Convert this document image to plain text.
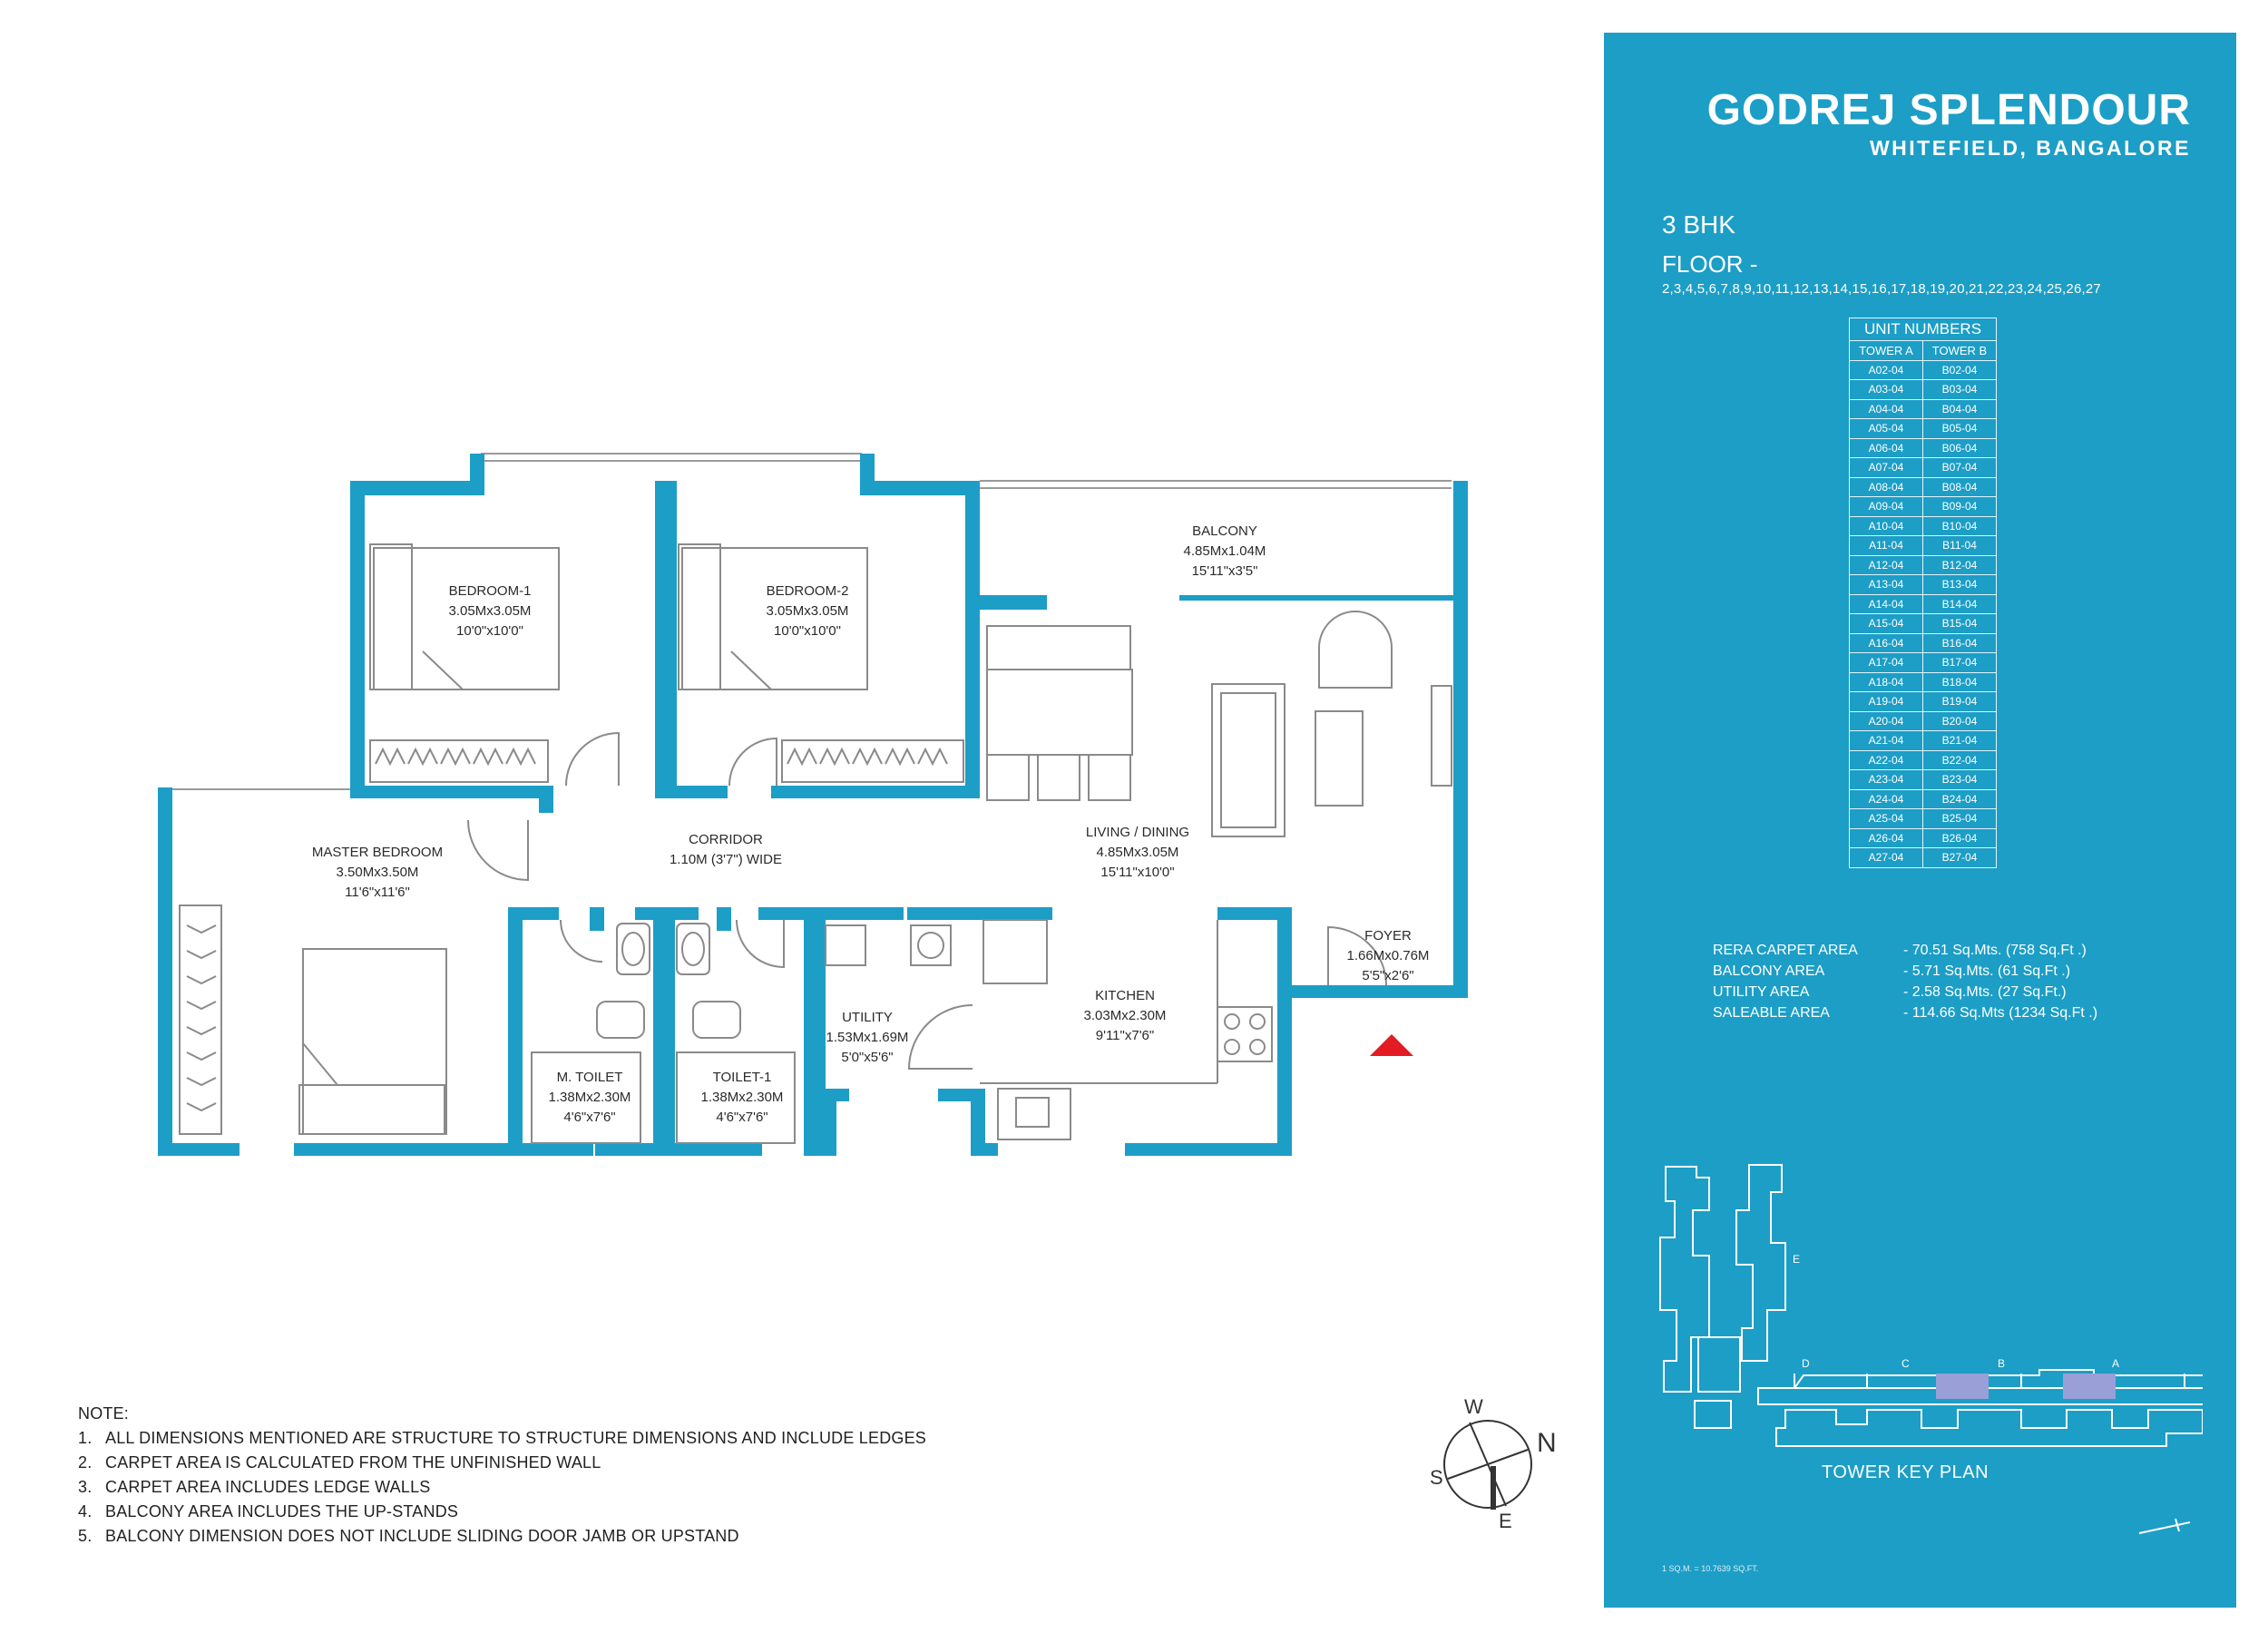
BEDROOM-1 3.05Mx3.05M 10'0"x10'0"
BEDROOM-2 3.05Mx3.05M 10'0"x10'0"
BALCONY 4.85Mx1.04M 15'11"x3'5"
MASTER BEDROOM 3.50Mx3.50M 11'6"x11'6"
CORRIDOR 1.10M (3'7") WIDE
LIVING / DINING 4.85Mx3.05M 15'11"x10'0"
FOYER 1.66Mx0.76M 5'5"x2'6"
KITCHEN 3.03Mx2.30M 9'11"x7'6"
UTILITY 1.53Mx1.69M 5'0"x5'6"
M. TOILET 1.38Mx2.30M 4'6"x7'6"
TOILET-1 1.38Mx2.30M 4'6"x7'6"
W
N
S
E
NOTE:
1. ALL DIMENSIONS MENTIONED ARE STRUCTURE TO STRUCTURE DIMENSIONS AND INCLUDE LEDGES
2. CARPET AREA IS CALCULATED FROM THE UNFINISHED WALL
3. CARPET AREA INCLUDES LEDGE WALLS
4. BALCONY AREA INCLUDES THE UP-STANDS
5. BALCONY DIMENSION DOES NOT INCLUDE SLIDING DOOR JAMB OR UPSTAND
GODREJ SPLENDOUR
WHITEFIELD, BANGALORE
3 BHK
FLOOR -
2,3,4,5,6,7,8,9,10,11,12,13,14,15,16,17,18,19,20,21,22,23,24,25,26,27
UNIT NUMBERS	
TOWER A	TOWER B
A02-04	B02-04
A03-04	B03-04
A04-04	B04-04
A05-04	B05-04
A06-04	B06-04
A07-04	B07-04
A08-04	B08-04
A09-04	B09-04
A10-04	B10-04
A11-04	B11-04
A12-04	B12-04
A13-04	B13-04
A14-04	B14-04
A15-04	B15-04
A16-04	B16-04
A17-04	B17-04
A18-04	B18-04
A19-04	B19-04
A20-04	B20-04
A21-04	B21-04
A22-04	B22-04
A23-04	B23-04
A24-04	B24-04
A25-04	B25-04
A26-04	B26-04
A27-04	B27-04
RERA CARPET AREA	- 70.51 Sq.Mts. (758 Sq.Ft .)
BALCONY AREA	- 5.71 Sq.Mts. (61 Sq.Ft .)
UTILITY AREA	- 2.58 Sq.Mts. (27 Sq.Ft.)
SALEABLE AREA	- 114.66 Sq.Mts (1234 Sq.Ft .)
D	C	B	A
E
TOWER KEY PLAN
1 SQ.M. = 10.7639 SQ.FT.
